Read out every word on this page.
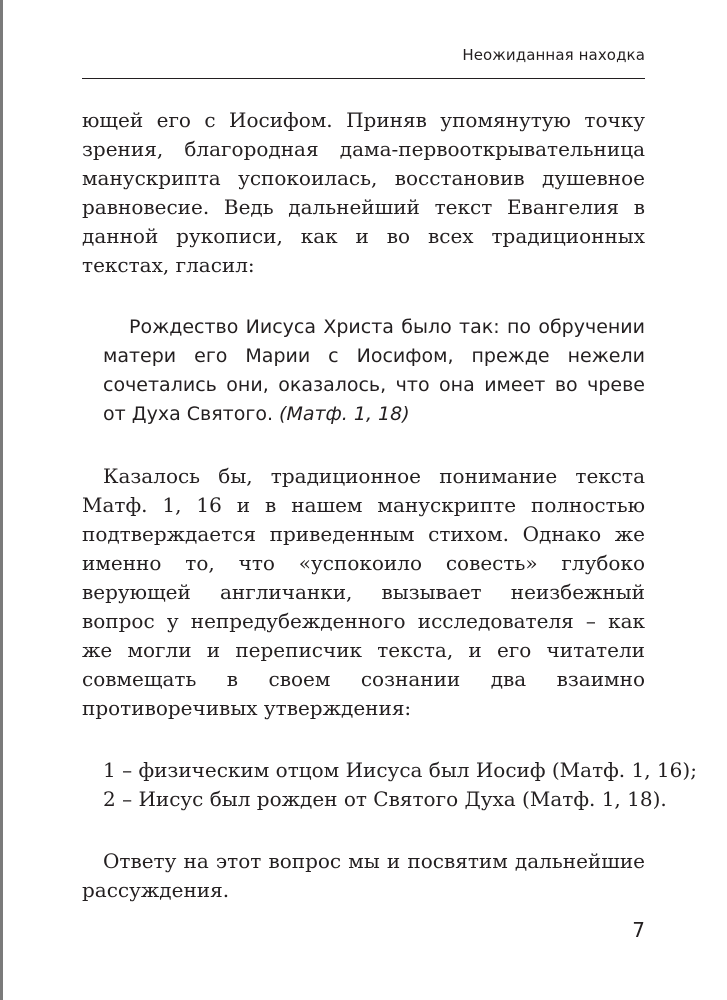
Неожиданная находка

ющей его с Иосифом. Приняв упомянутую точку зрения, благородная дама-первооткрывательница манускрипта успокоилась, восстановив душевное равновесие. Ведь дальнейший текст Евангелия в данной рукописи, как и во всех традиционных текстах, гласил:

Рождество Иисуса Христа было так: по обручении матери его Марии с Иосифом, прежде нежели сочетались они, оказалось, что она имеет во чреве от Духа Святого. (Матф. 1, 18)

Казалось бы, традиционное понимание текста Матф. 1, 16 и в нашем манускрипте полностью подтверждается приведенным стихом. Однако же именно то, что «успокоило совесть» глубоко верующей англичанки, вызывает неизбежный вопрос у непредубежденного исследователя – как же могли и переписчик текста, и его читатели совмещать в своем сознании два взаимно противоречивых утверждения:

1 – физическим отцом Иисуса был Иосиф (Матф. 1, 16);

2 – Иисус был рожден от Святого Духа (Матф. 1, 18).

Ответу на этот вопрос мы и посвятим дальнейшие рассуждения.

7
